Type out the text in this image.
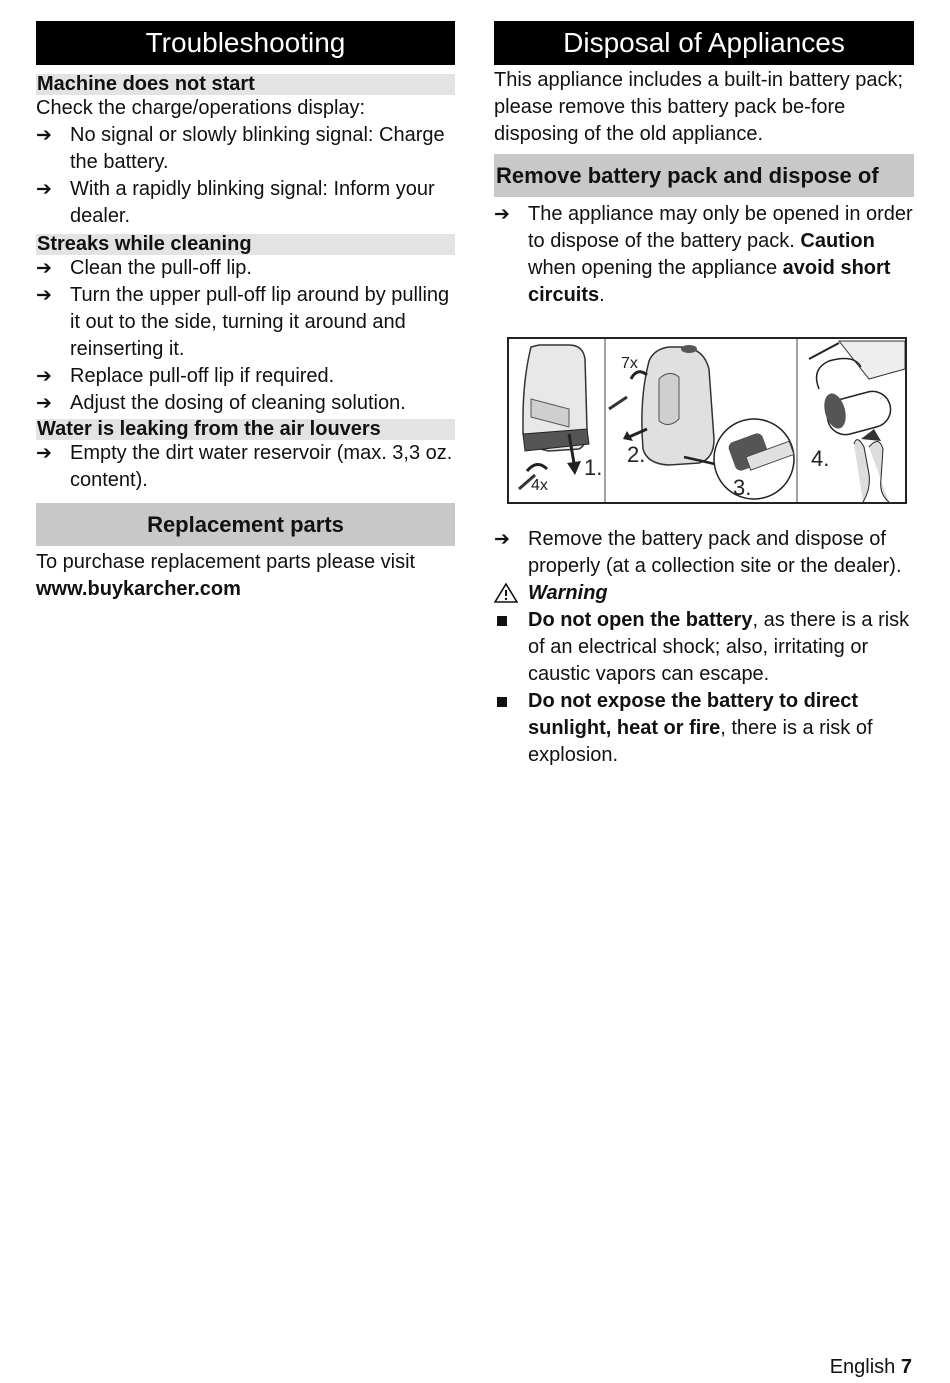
Troubleshooting
Machine does not start
Check the charge/operations display:
➔ No signal or slowly blinking signal: Charge the battery.
➔ With a rapidly blinking signal: Inform your dealer.
Streaks while cleaning
➔ Clean the pull-off lip.
➔ Turn the upper pull-off lip around by pulling it out to the side, turning it around and reinserting it.
➔ Replace pull-off lip if required.
➔ Adjust the dosing of cleaning solution.
Water is leaking from the air louvers
➔ Empty the dirt water reservoir (max. 3,3 oz. content).
Replacement parts
To purchase replacement parts please visit
www.buykarcher.com
Disposal of Appliances
This appliance includes a built-in battery pack; please remove this battery pack be-fore disposing of the old appliance.
Remove battery pack and dispose of
➔ The appliance may only be opened in order to dispose of the battery pack. Caution when opening the appliance avoid short circuits.
4x
7x
1.
2.
3.
4.
➔ Remove the battery pack and dispose of properly (at a collection site or the dealer).
Warning
Do not open the battery, as there is a risk of an electrical shock; also, irritating or caustic vapors can escape.
Do not expose the battery to direct sunlight, heat or fire, there is a risk of explosion.
English 7
